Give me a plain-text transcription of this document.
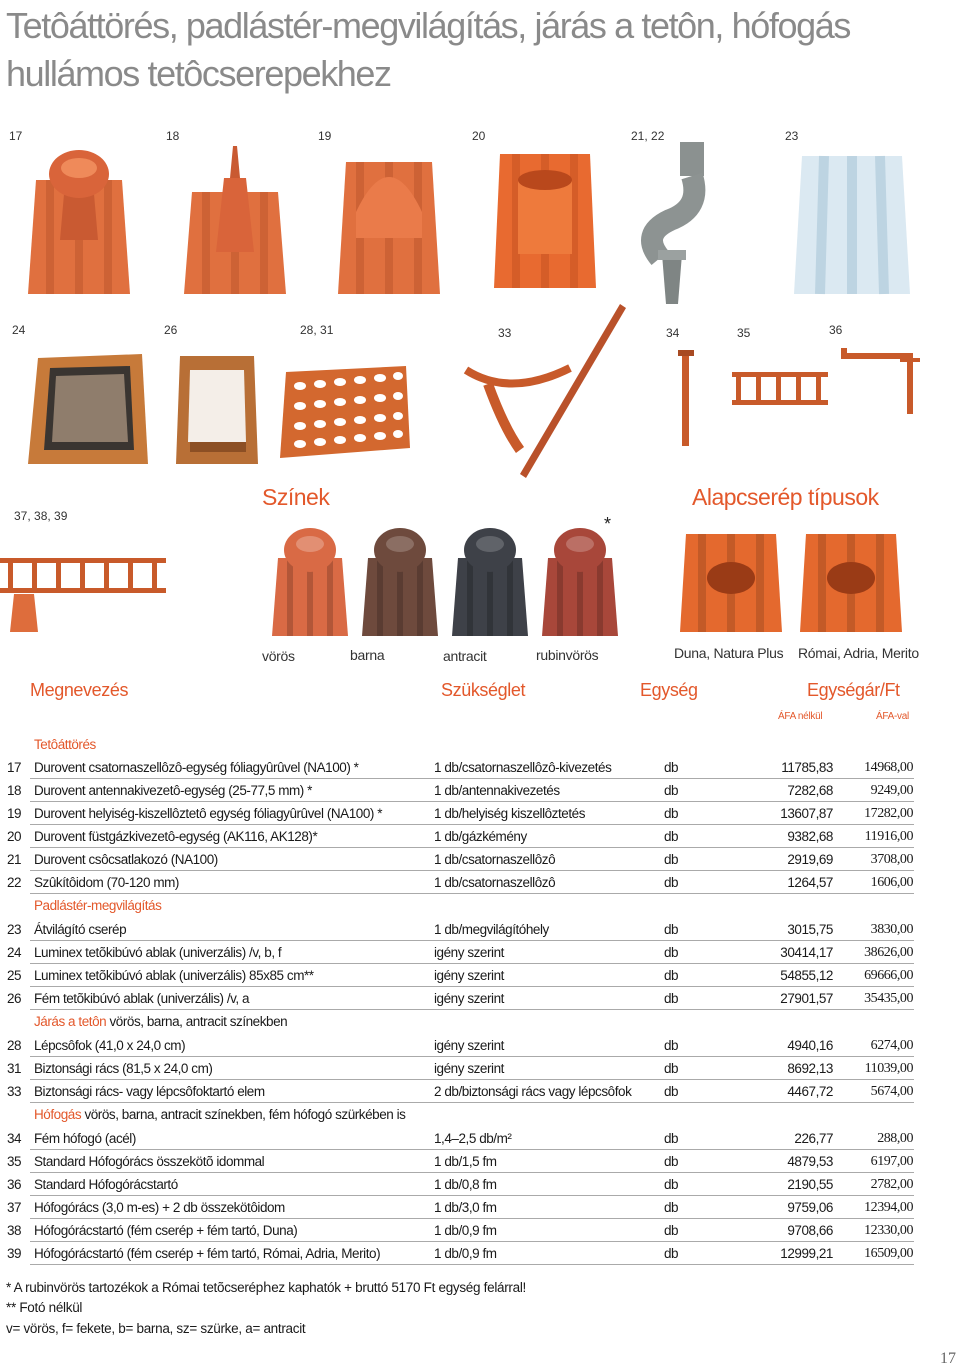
Tetôáttörés, padlástér-megvilágítás, járás a tetôn, hófogás hullámos tetôcserepekhez
17	18	19	20	21, 22	23
24	26	28, 31	33	34	35	36
37, 38, 39
Színek
*
Alapcserép típusok
vörös	barna	antracit	rubinvörös	Duna, Natura Plus Római, Adria, Merito
Megnevezés	Szükséglet	Egység	Egységár/Ft
ÁFA nélkül	ÁFA-val
Tetôáttörés
17 Durovent csatornaszellôzô-egység fóliagyûrûvel (NA100) *	1 db/csatornaszellôzô-kivezetés	db	11785,83 14968,00
18 Durovent antennakivezetô-egység (25-77,5 mm) *	1 db/antennakivezetés	db	7282,68	9249,00
19 Durovent helyiség-kiszellôztetô egység fóliagyûrûvel (NA100) *	1 db/helyiség kiszellôztetés	db	13607,87 17282,00
20 Durovent füstgázkivezetô-egység (AK116, AK128)*	1 db/gázkémény	db	9382,68 11916,00
21 Durovent csôcsatlakozó (NA100)	1 db/csatornaszellôzô	db	2919,69	3708,00
22 Szûkítôidom (70-120 mm)	1 db/csatornaszellôzô	db	1264,57	1606,00
Padlástér-megvilágítás
23 Átvilágító cserép	1 db/megvilágítóhely	db	3015,75	3830,00
24 Luminex tetõkibúvó ablak (univerzális) /v, b, f	igény szerint	db	30414,17 38626,00
25 Luminex tetõkibúvó ablak (univerzális) 85x85 cm**	igény szerint	db	54855,12 69666,00
26 Fém tetõkibúvó ablak (univerzális) /v, a	igény szerint	db	27901,57 35435,00
Járás a tetôn vörös, barna, antracit színekben
28 Lépcsôfok (41,0 x 24,0 cm)	igény szerint	db	4940,16	6274,00
31 Biztonsági rács (81,5 x 24,0 cm)	igény szerint	db	8692,13 11039,00
33 Biztonsági rács- vagy lépcsôfoktartó elem	2 db/biztonsági rács vagy lépcsôfok db	4467,72	5674,00
Hófogás vörös, barna, antracit színekben, fém hófogó szürkében is
34 Fém hófogó (acél)	1,4–2,5 db/m²	db	226,77	288,00
35 Standard Hófogórács összekötõ idommal	1 db/1,5 fm	db	4879,53	6197,00
36 Standard Hófogórácstartó	1 db/0,8 fm	db	2190,55	2782,00
37 Hófogórács (3,0 m-es) + 2 db összekötôidom	1 db/3,0 fm	db	9759,06 12394,00
38 Hófogórácstartó (fém cserép + fém tartó, Duna)	1 db/0,9 fm	db	9708,66 12330,00
39 Hófogórácstartó (fém cserép + fém tartó, Római, Adria, Merito)	1 db/0,9 fm	db	12999,21 16509,00
* A rubinvörös tartozékok a Római tetõcserépհez kaphatók + bruttó 5170 Ft egység felárral!
** Fotó nélkül
v= vörös, f= fekete, b= barna, sz= szürke, a= antracit
17
